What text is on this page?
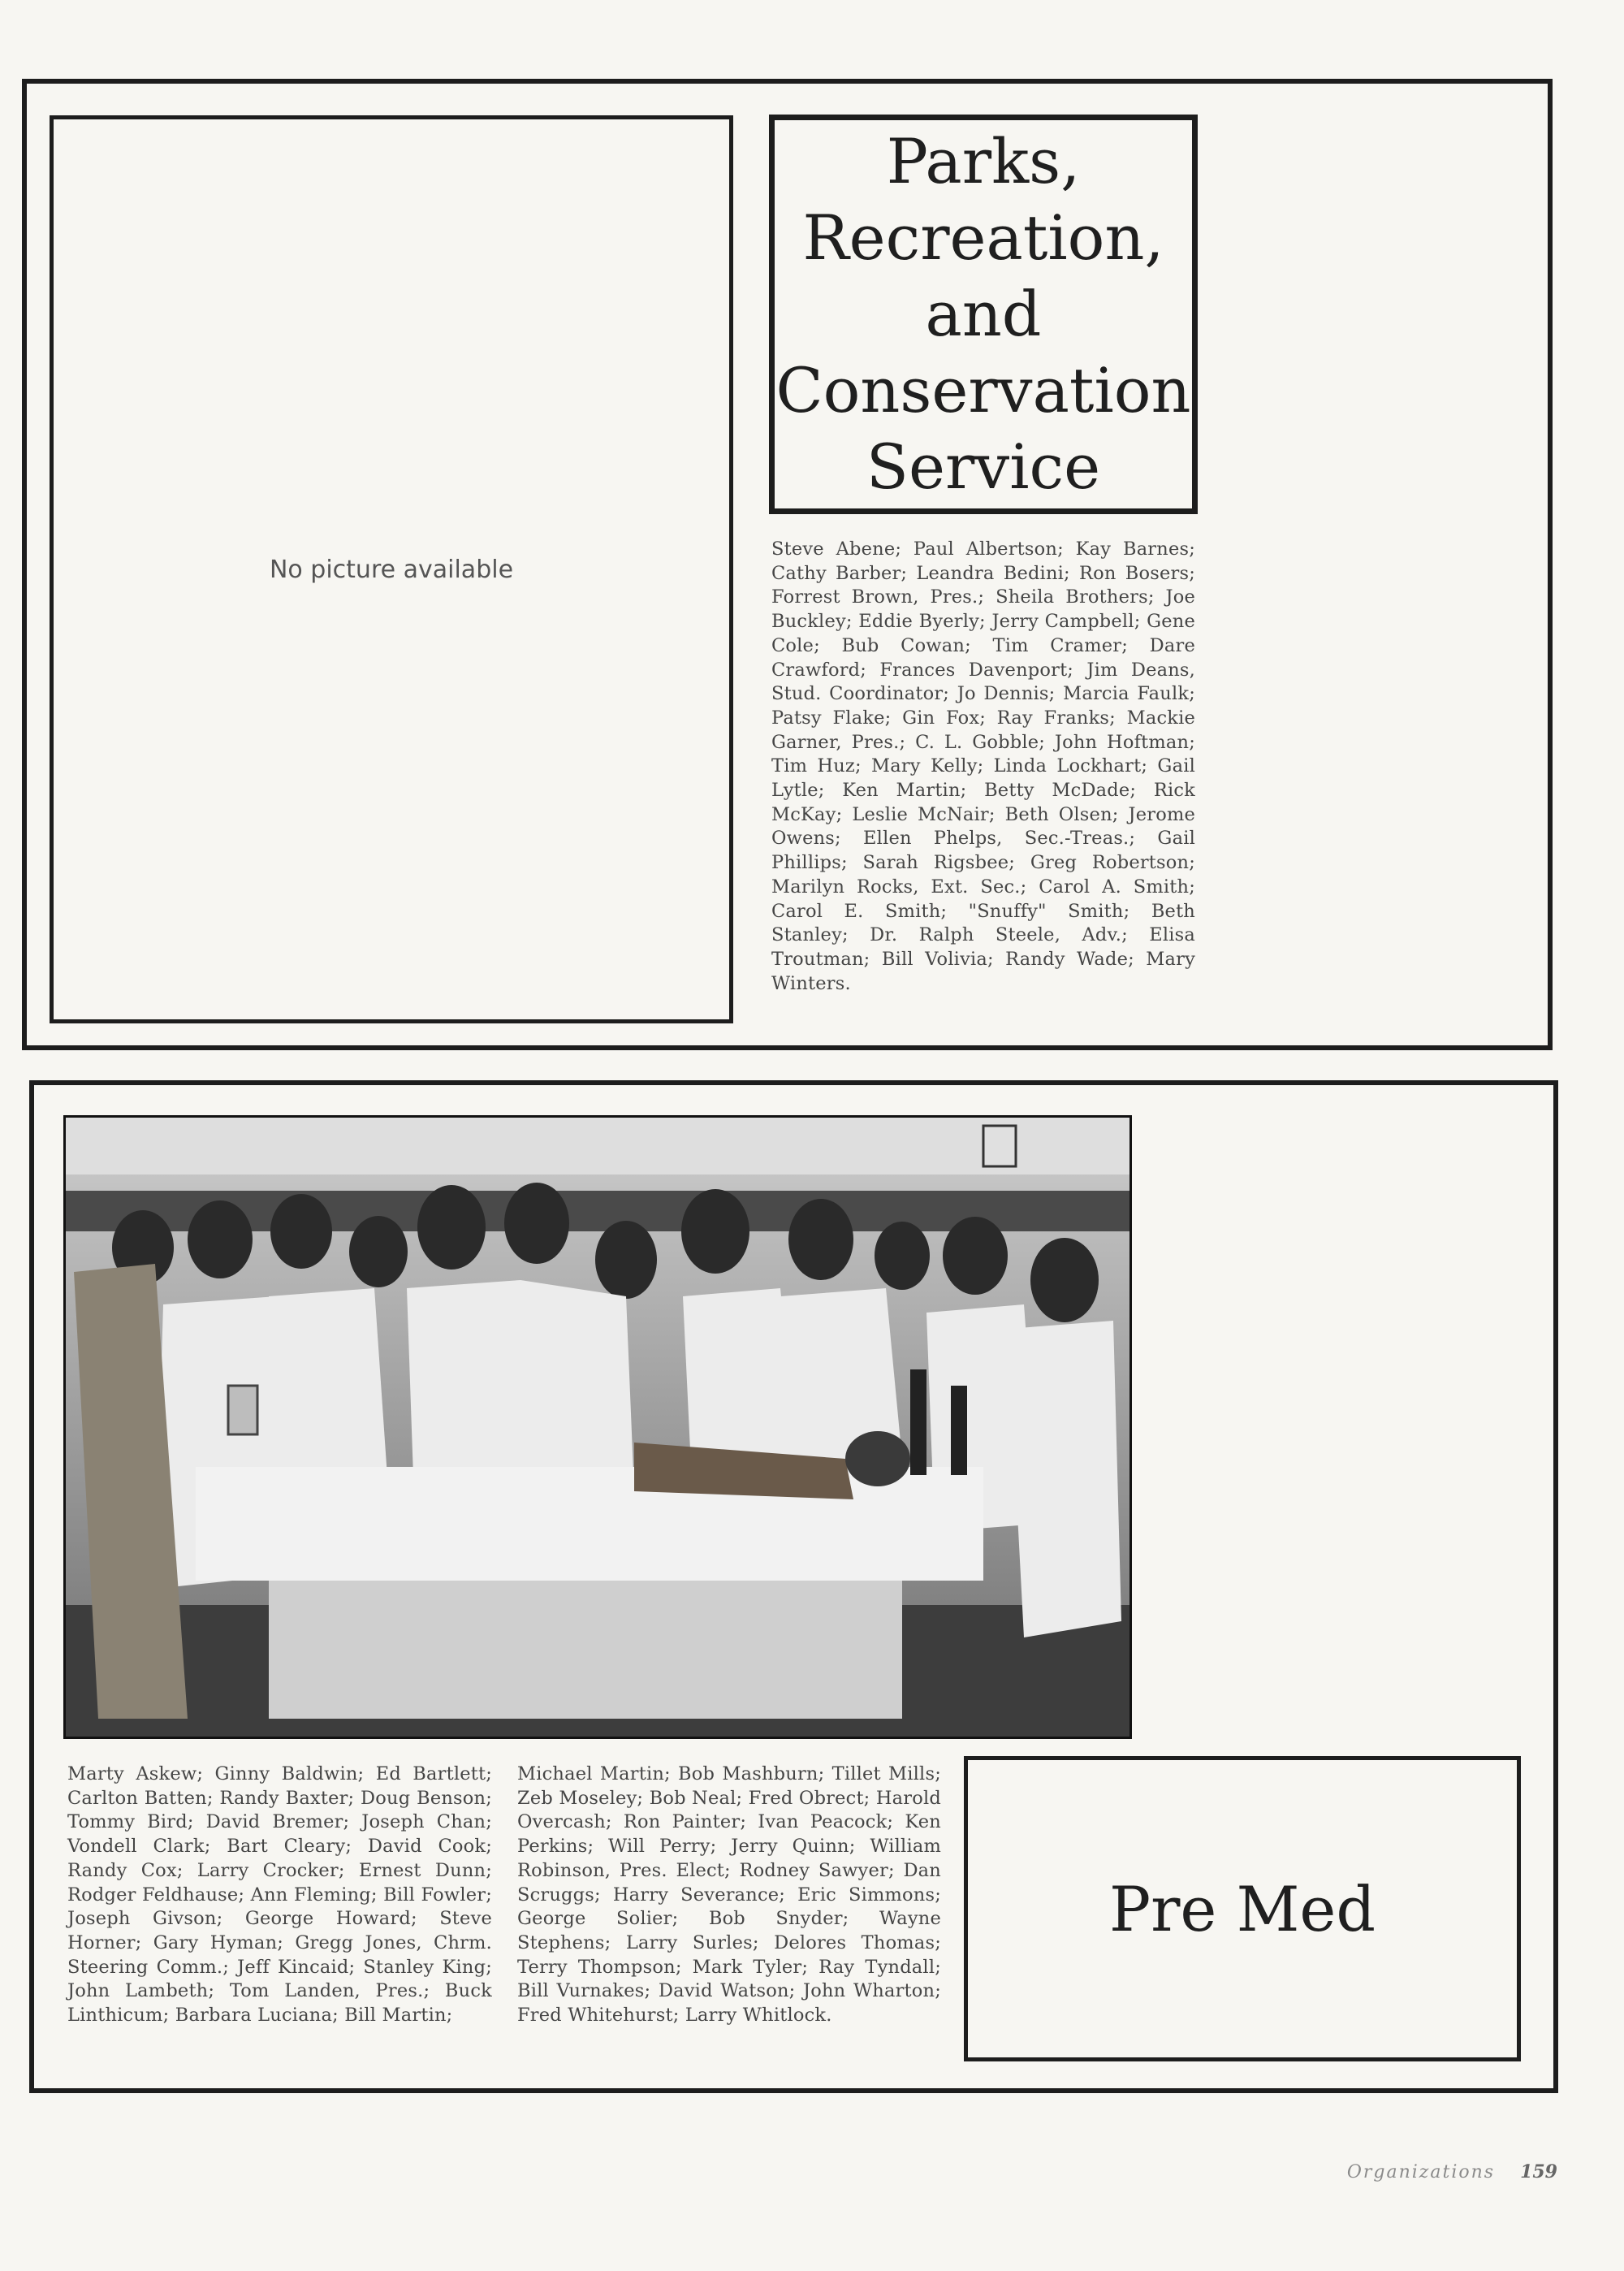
No picture available
Parks,
Recreation,
and
Conservation
Service

Steve Abene; Paul Albertson; Kay Barnes; Cathy Barber; Leandra Bedini; Ron Bosers; Forrest Brown, Pres.; Sheila Brothers; Joe Buckley; Eddie Byerly; Jerry Campbell; Gene Cole; Bub Cowan; Tim Cramer; Dare Crawford; Frances Davenport; Jim Deans, Stud. Coordinator; Jo Dennis; Marcia Faulk; Patsy Flake; Gin Fox; Ray Franks; Mackie Garner, Pres.; C. L. Gobble; John Hoftman; Tim Huz; Mary Kelly; Linda Lockhart; Gail Lytle; Ken Martin; Betty McDade; Rick McKay; Leslie McNair; Beth Olsen; Jerome Owens; Ellen Phelps, Sec.-Treas.; Gail Phillips; Sarah Rigsbee; Greg Robertson; Marilyn Rocks, Ext. Sec.; Carol A. Smith; Carol E. Smith; "Snuffy" Smith; Beth Stanley; Dr. Ralph Steele, Adv.; Elisa Troutman; Bill Volivia; Randy Wade; Mary Winters.

Marty Askew; Ginny Baldwin; Ed Bartlett; Carlton Batten; Randy Baxter; Doug Benson; Tommy Bird; David Bremer; Joseph Chan; Vondell Clark; Bart Cleary; David Cook; Randy Cox; Larry Crocker; Ernest Dunn; Rodger Feldhause; Ann Fleming; Bill Fowler; Joseph Givson; George Howard; Steve Horner; Gary Hyman; Gregg Jones, Chrm. Steering Comm.; Jeff Kincaid; Stanley King; John Lambeth; Tom Landen, Pres.; Buck Linthicum; Barbara Luciana; Bill Martin;

Michael Martin; Bob Mashburn; Tillet Mills; Zeb Moseley; Bob Neal; Fred Obrect; Harold Overcash; Ron Painter; Ivan Peacock; Ken Perkins; Will Perry; Jerry Quinn; William Robinson, Pres. Elect; Rodney Sawyer; Dan Scruggs; Harry Severance; Eric Simmons; George Solier; Bob Snyder; Wayne Stephens; Larry Surles; Delores Thomas; Terry Thompson; Mark Tyler; Ray Tyndall; Bill Vurnakes; David Watson; John Wharton; Fred Whitehurst; Larry Whitlock.

Pre Med
Organizations 159
